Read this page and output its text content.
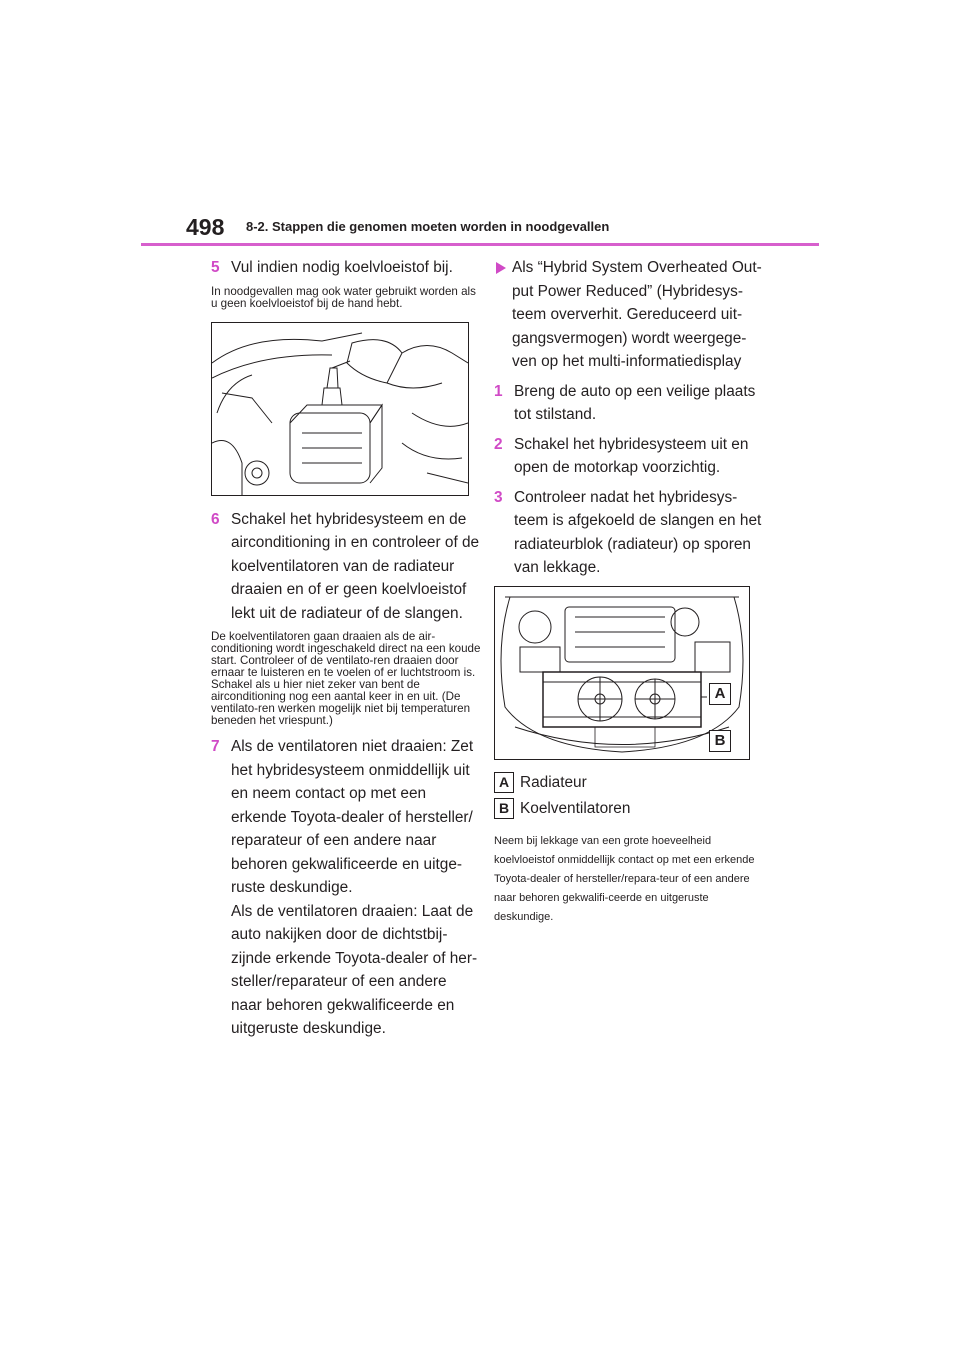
498 8-2. Stappen die genomen moeten worden in noodgevallen
5 Vul indien nodig koelvloeistof bij.
In noodgevallen mag ook water gebruikt worden als u geen koelvloeistof bij de hand hebt.
6 Schakel het hybridesysteem en de airconditioning in en controleer of de koelventilatoren van de radiateur draaien en of er geen koelvloeistof lekt uit de radiateur of de slangen.
De koelventilatoren gaan draaien als de air-conditioning wordt ingeschakeld direct na een koude start. Controleer of de ventilato-ren draaien door ernaar te luisteren en te voelen of er luchtstroom is. Schakel als u hier niet zeker van bent de airconditioning nog een aantal keer in en uit. (De ventilato-ren werken mogelijk niet bij temperaturen beneden het vriespunt.)
7 Als de ventilatoren niet draaien: Zet het hybridesysteem onmiddellijk uit en neem contact op met een erkende Toyota-dealer of hersteller/ reparateur of een andere naar behoren gekwalificeerde en uitge-ruste deskundige.
Als de ventilatoren draaien: Laat de auto nakijken door de dichtstbij-zijnde erkende Toyota-dealer of her-steller/reparateur of een andere naar behoren gekwalificeerde en uitgeruste deskundige.
Als “Hybrid System Overheated Out-put Power Reduced” (Hybridesys-teem oververhit. Gereduceerd uit-gangsvermogen) wordt weergege-ven op het multi-informatiedisplay
1 Breng de auto op een veilige plaats tot stilstand.
2 Schakel het hybridesysteem uit en open de motorkap voorzichtig.
3 Controleer nadat het hybridesys-teem is afgekoeld de slangen en het radiateurblok (radiateur) op sporen van lekkage.
A
B
A Radiateur
B Koelventilatoren
Neem bij lekkage van een grote hoeveelheid koelvloeistof onmiddellijk contact op met een erkende Toyota-dealer of hersteller/repara-teur of een andere naar behoren gekwalifi-ceerde en uitgeruste deskundige.
